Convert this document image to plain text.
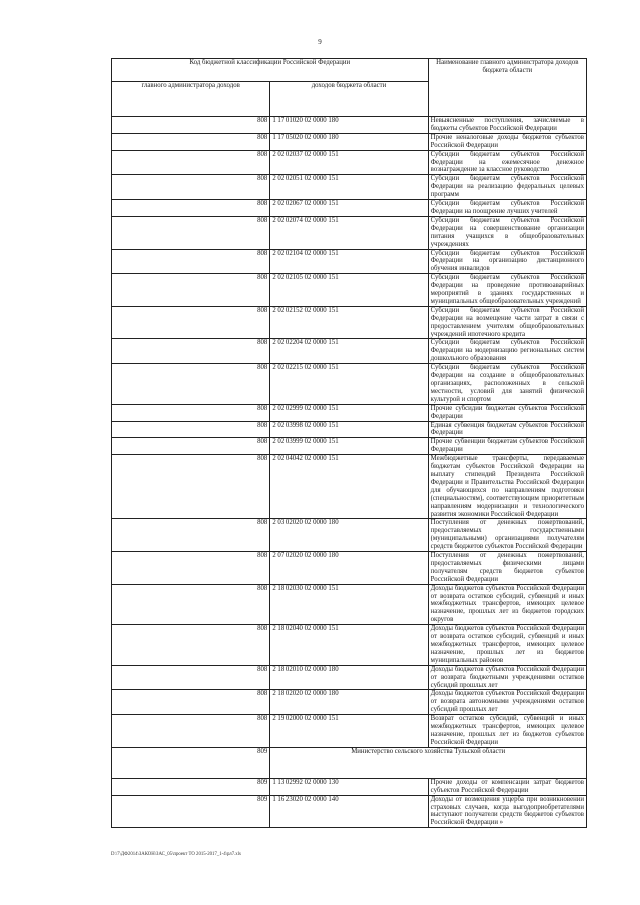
9
Код бюджетной классификации Российской Федерации		Наименование главного администратора доходов бюджета области
главного администратора доходов	доходов бюджета области	
808	1 17 01020 02 0000 180	Невыясненные поступления, зачисляемые в бюджеты субъектов Российской Федерации
808	1 17 05020 02 0000 180	Прочие неналоговые доходы бюджетов субъектов Российской Федерации
808	2 02 02037 02 0000 151	Субсидии бюджетам субъектов Российской Федерации на ежемесячное денежное вознаграждение за классное руководство
808	2 02 02051 02 0000 151	Субсидии бюджетам субъектов Российской Федерации на реализацию федеральных целевых программ
808	2 02 02067 02 0000 151	Субсидии бюджетам субъектов Российской Федерации на поощрение лучших учителей
808	2 02 02074 02 0000 151	Субсидии бюджетам субъектов Российской Федерации на совершенствование организации питания учащихся в общеобразовательных учреждениях
808	2 02 02104 02 0000 151	Субсидии бюджетам субъектов Российской Федерации на организацию дистанционного обучения инвалидов
808	2 02 02105 02 0000 151	Субсидии бюджетам субъектов Российской Федерации на проведение противоаварийных мероприятий в зданиях государственных и муниципальных общеобразовательных учреждений
808	2 02 02152 02 0000 151	Субсидии бюджетам субъектов Российской Федерации на возмещение части затрат в связи с предоставлением учителям общеобразовательных учреждений ипотечного кредита
808	2 02 02204 02 0000 151	Субсидии бюджетам субъектов Российской Федерации на модернизацию региональных систем дошкольного образования
808	2 02 02215 02 0000 151	Субсидии бюджетам субъектов Российской Федерации на создание в общеобразовательных организациях, расположенных в сельской местности, условий для занятий физической культурой и спортом
808	2 02 02999 02 0000 151	Прочие субсидии бюджетам субъектов Российской Федерации
808	2 02 03998 02 0000 151	Единая субвенция бюджетам субъектов Российской Федерации
808	2 02 03999 02 0000 151	Прочие субвенции бюджетам субъектов Российской Федерации
808	2 02 04042 02 0000 151	Межбюджетные трансферты, передаваемые бюджетам субъектов Российской Федерации на выплату стипендий Президента Российской Федерации и Правительства Российской Федерации для обучающихся по направлениям подготовки (специальностям), соответствующим приоритетным направлениям модернизации и технологического развития экономики Российской Федерации
808	2 03 02020 02 0000 180	Поступления от денежных пожертвований, предоставляемых государственными (муниципальными) организациями получателям средств бюджетов субъектов Российской Федерации
808	2 07 02020 02 0000 180	Поступления от денежных пожертвований, предоставляемых физическими лицами получателям средств бюджетов субъектов Российской Федерации
808	2 18 02030 02 0000 151	Доходы бюджетов субъектов Российской Федерации от возврата остатков субсидий, субвенций и иных межбюджетных трансфертов, имеющих целевое назначение, прошлых лет из бюджетов городских округов
808	2 18 02040 02 0000 151	Доходы бюджетов субъектов Российской Федерации от возврата остатков субсидий, субвенций и иных межбюджетных трансфертов, имеющих целевое назначение, прошлых лет из бюджетов муниципальных районов
808	2 18 02010 02 0000 180	Доходы бюджетов субъектов Российской Федерации от возврата бюджетными учреждениями остатков субсидий прошлых лет
808	2 18 02020 02 0000 180	Доходы бюджетов субъектов Российской Федерации от возврата автономными учреждениями остатков субсидий прошлых лет
808	2 19 02000 02 0000 151	Возврат остатков субсидий, субвенций и иных межбюджетных трансфертов, имеющих целевое назначение, прошлых лет из бюджетов субъектов Российской Федерации
809	Министерство сельского хозяйства Тульской области	
809	1 13 02992 02 0000 130	Прочие доходы от компенсации затрат бюджетов субъектов Российской Федерации
809	1 16 23020 02 0000 140	Доходы от возмещения ущерба при возникновении страховых случаев, когда выгодоприобретателями выступают получатели средств бюджетов субъектов Российской Федерации »
D:\7\ДФ2014\ЗАКОН\ЗАС_05\проект ТО 2015-2017_1-4\рл7.xls
